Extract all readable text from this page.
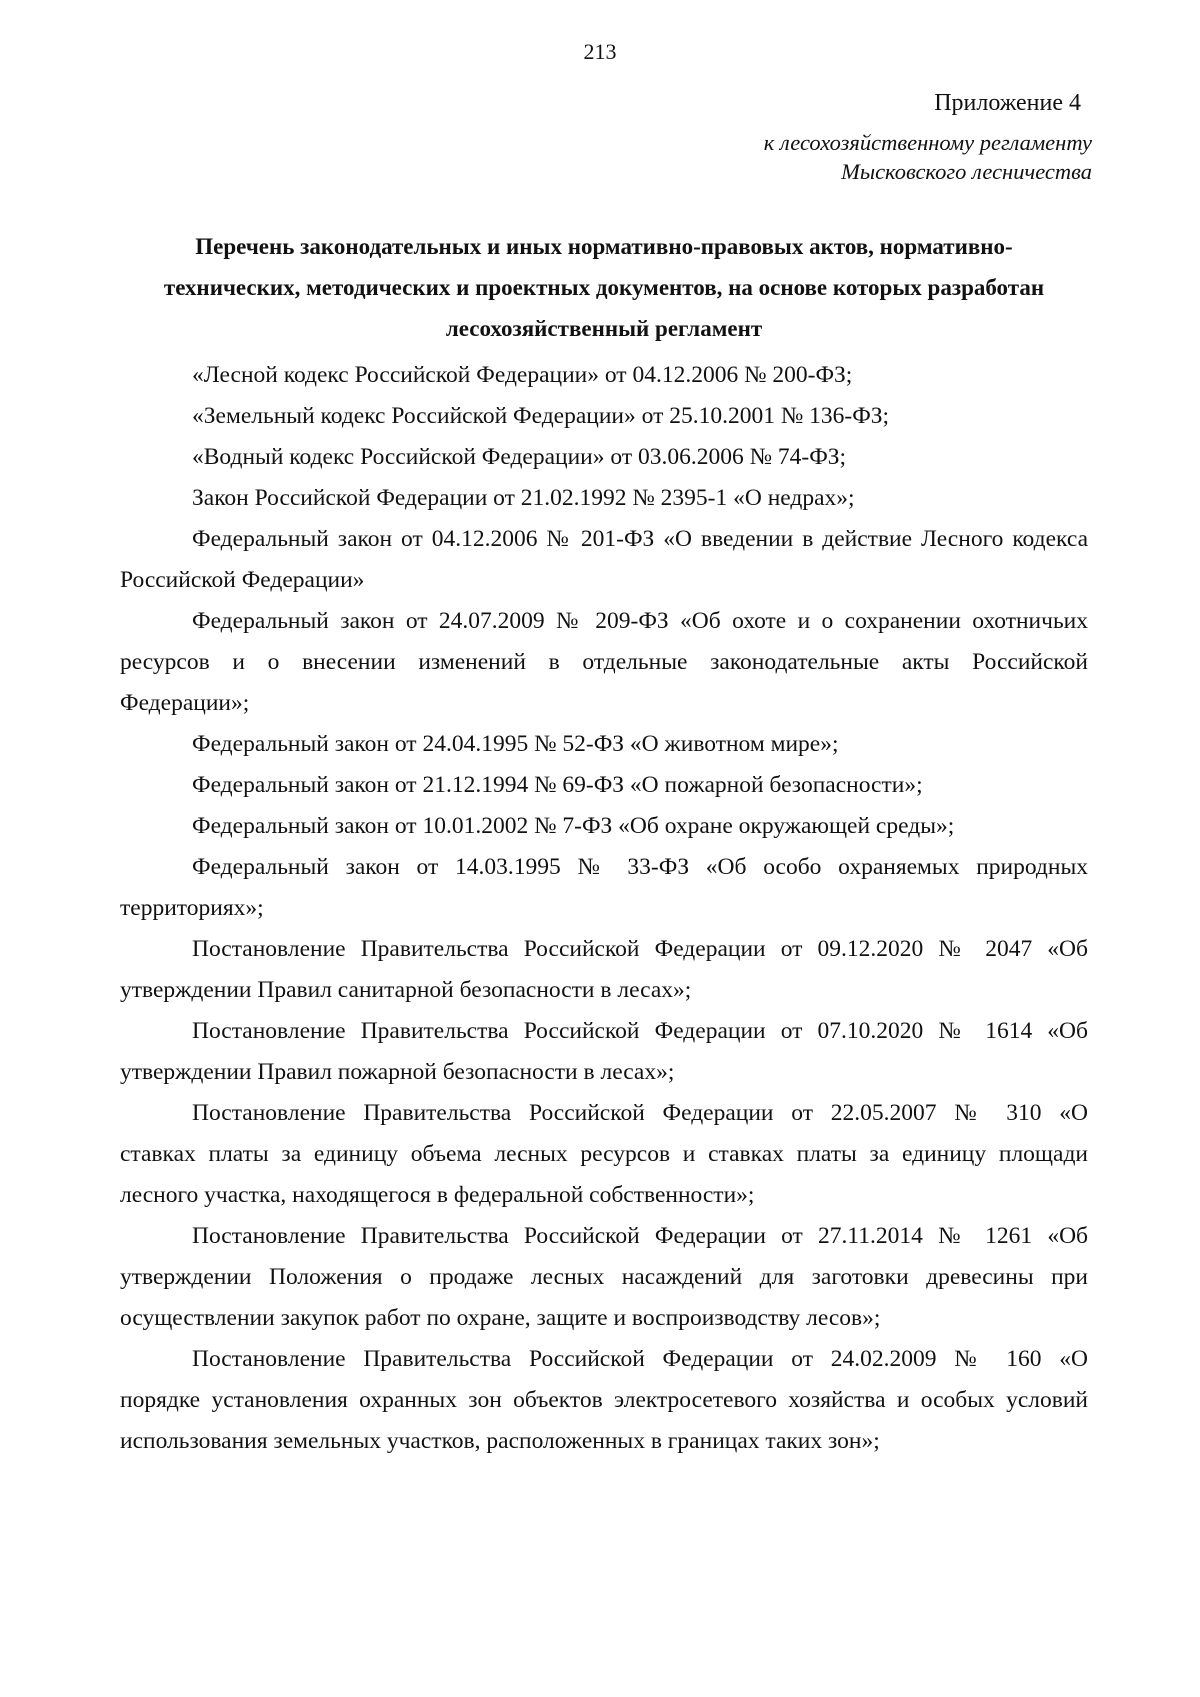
213
Приложение 4
к лесохозяйственному регламенту
Мысковского лесничества
Перечень законодательных и иных нормативно-правовых актов, нормативно-
технических, методических и проектных документов, на основе которых разработан
лесохозяйственный регламент
«Лесной кодекс Российской Федерации» от 04.12.2006 № 200-ФЗ;
«Земельный кодекс Российской Федерации» от 25.10.2001 № 136-ФЗ;
«Водный кодекс Российской Федерации» от 03.06.2006 № 74-ФЗ;
Закон Российской Федерации от 21.02.1992 № 2395-1 «О недрах»;
Федеральный закон от 04.12.2006 № 201-ФЗ «О введении в действие Лесного кодекса
Российской Федерации»
Федеральный закон от 24.07.2009 № 209-ФЗ «Об охоте и о сохранении охотничьих
ресурсов и о внесении изменений в отдельные законодательные акты Российской
Федерации»;
Федеральный закон от 24.04.1995 № 52-ФЗ «О животном мире»;
Федеральный закон от 21.12.1994 № 69-ФЗ «О пожарной безопасности»;
Федеральный закон от 10.01.2002 № 7-ФЗ «Об охране окружающей среды»;
Федеральный закон от 14.03.1995 № 33-ФЗ «Об особо охраняемых природных
территориях»;
Постановление Правительства Российской Федерации от 09.12.2020 № 2047 «Об
утверждении Правил санитарной безопасности в лесах»;
Постановление Правительства Российской Федерации от 07.10.2020 № 1614 «Об
утверждении Правил пожарной безопасности в лесах»;
Постановление Правительства Российской Федерации от 22.05.2007 № 310 «О
ставках платы за единицу объема лесных ресурсов и ставках платы за единицу площади
лесного участка, находящегося в федеральной собственности»;
Постановление Правительства Российской Федерации от 27.11.2014 № 1261 «Об
утверждении Положения о продаже лесных насаждений для заготовки древесины при
осуществлении закупок работ по охране, защите и воспроизводству лесов»;
Постановление Правительства Российской Федерации от 24.02.2009 № 160 «О
порядке установления охранных зон объектов электросетевого хозяйства и особых условий
использования земельных участков, расположенных в границах таких зон»;
